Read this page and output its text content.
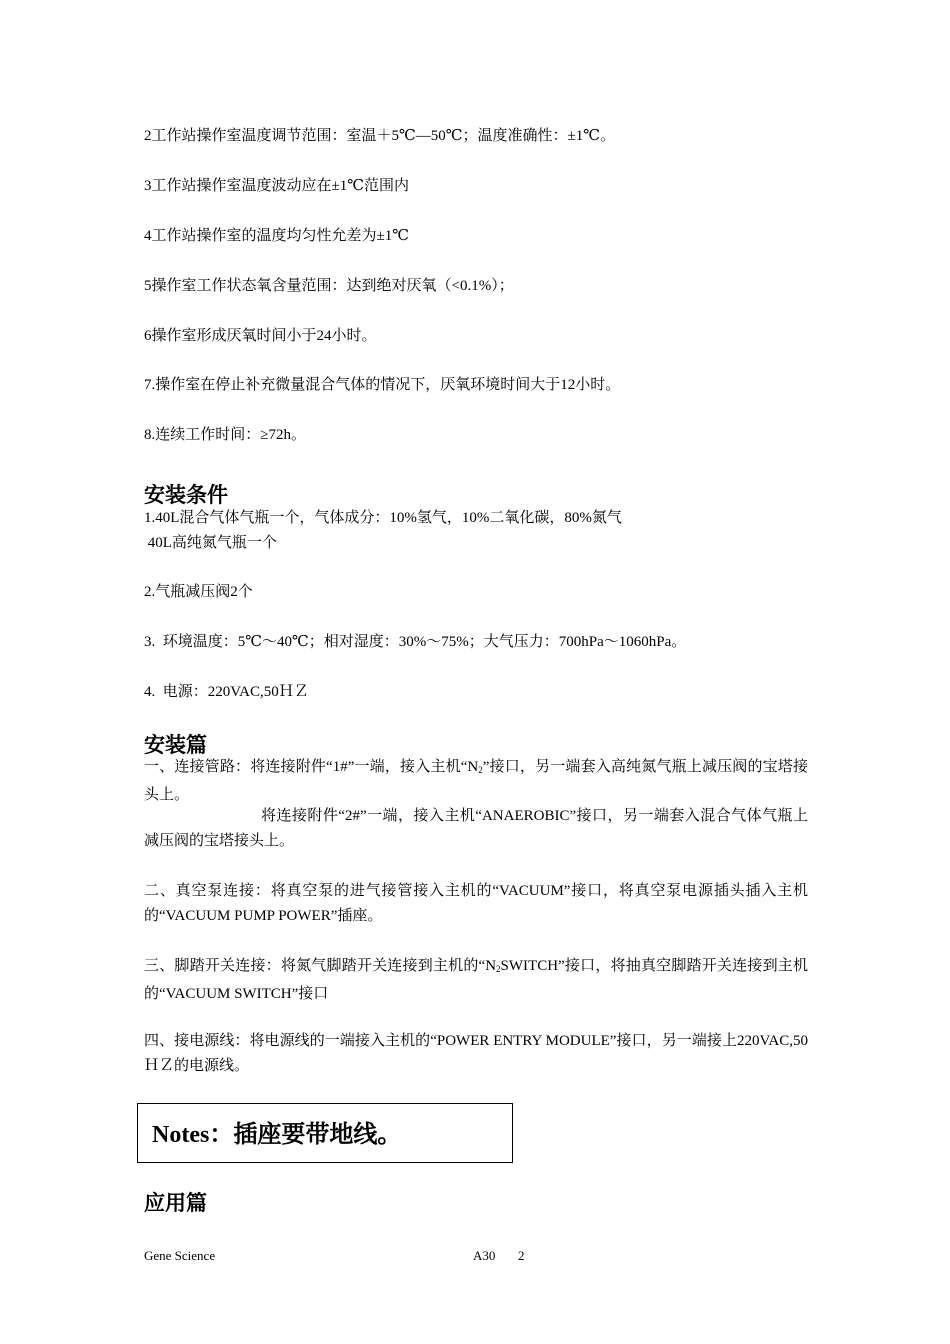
2工作站操作室温度调节范围：室温＋5℃—50℃；温度准确性：±1℃。
3工作站操作室温度波动应在±1℃范围内
4工作站操作室的温度均匀性允差为±1℃
5操作室工作状态氧含量范围：达到绝对厌氧（<0.1%）；
6操作室形成厌氧时间小于24小时。
7.操作室在停止补充微量混合气体的情况下，厌氧环境时间大于12小时。
8.连续工作时间：≥72h。
安装条件
1.40L混合气体气瓶一个，气体成分：10%氢气，10%二氧化碳，80%氮气
40L高纯氮气瓶一个
2.气瓶减压阀2个
3.  环境温度：5℃～40℃；相对湿度：30%～75%；大气压力：700hPa～1060hPa。
4.  电源：220VAC,50ＨＺ
安装篇
一、连接管路：将连接附件“1#”一端，接入主机“$N_2$”接口，另一端套入高纯氮气瓶上减压阀的宝塔接头上。
将连接附件“2#”一端，接入主机“ANAEROBIC”接口，另一端套入混合气体气瓶上减压阀的宝塔接头上。
二、真空泵连接：将真空泵的进气接管接入主机的“VACUUM”接口，将真空泵电源插头插入主机的“VACUUM PUMP POWER”插座。
三、脚踏开关连接：将氮气脚踏开关连接到主机的“$N_2SWITCH$”接口，将抽真空脚踏开关连接到主机的“VACUUM SWITCH”接口
四、接电源线：将电源线的一端接入主机的“POWER ENTRY MODULE”接口，另一端接上220VAC,50ＨＺ的电源线。
Notes：插座要带地线。
应用篇
Gene Science	A30 2
